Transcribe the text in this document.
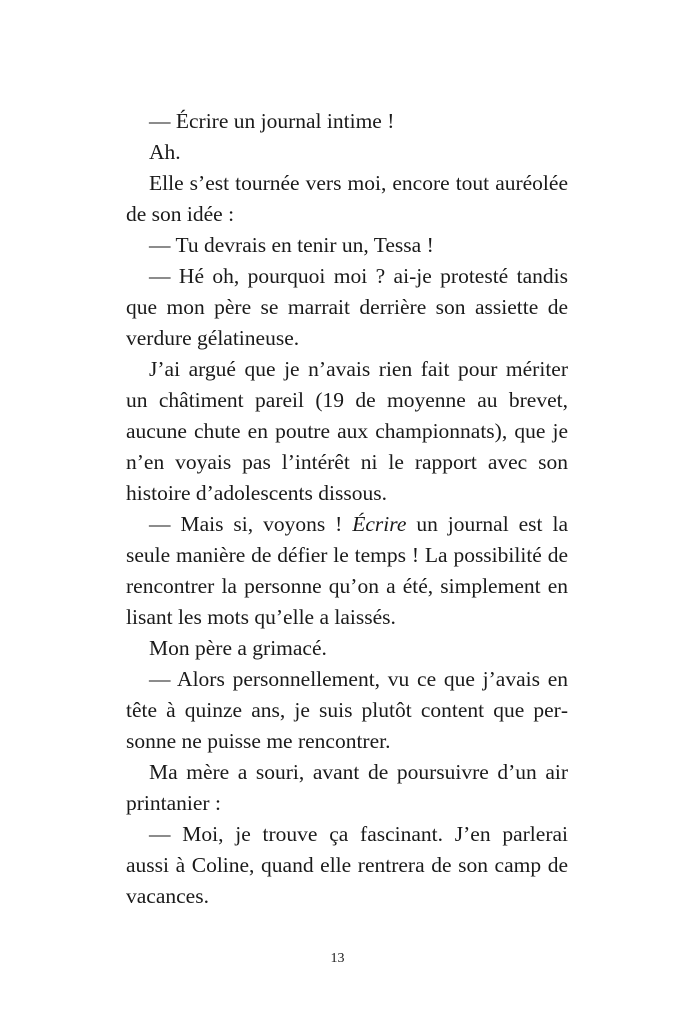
— Écrire un journal intime !

Ah.

Elle s’est tournée vers moi, encore tout auréolée de son idée :

— Tu devrais en tenir un, Tessa !

— Hé oh, pourquoi moi ? ai-je protesté tandis que mon père se marrait derrière son assiette de verdure gélatineuse.

J’ai argué que je n’avais rien fait pour mériter un châtiment pareil (19 de moyenne au brevet, aucune chute en poutre aux championnats), que je n’en voyais pas l’intérêt ni le rapport avec son histoire d’adolescents dissous.

— Mais si, voyons ! Écrire un journal est la seule manière de défier le temps ! La possibilité de rencontrer la personne qu’on a été, simplement en lisant les mots qu’elle a laissés.

Mon père a grimacé.

— Alors personnellement, vu ce que j’avais en tête à quinze ans, je suis plutôt content que personne ne puisse me rencontrer.

Ma mère a souri, avant de poursuivre d’un air printanier :

— Moi, je trouve ça fascinant. J’en parlerai aussi à Coline, quand elle rentrera de son camp de vacances.

13
